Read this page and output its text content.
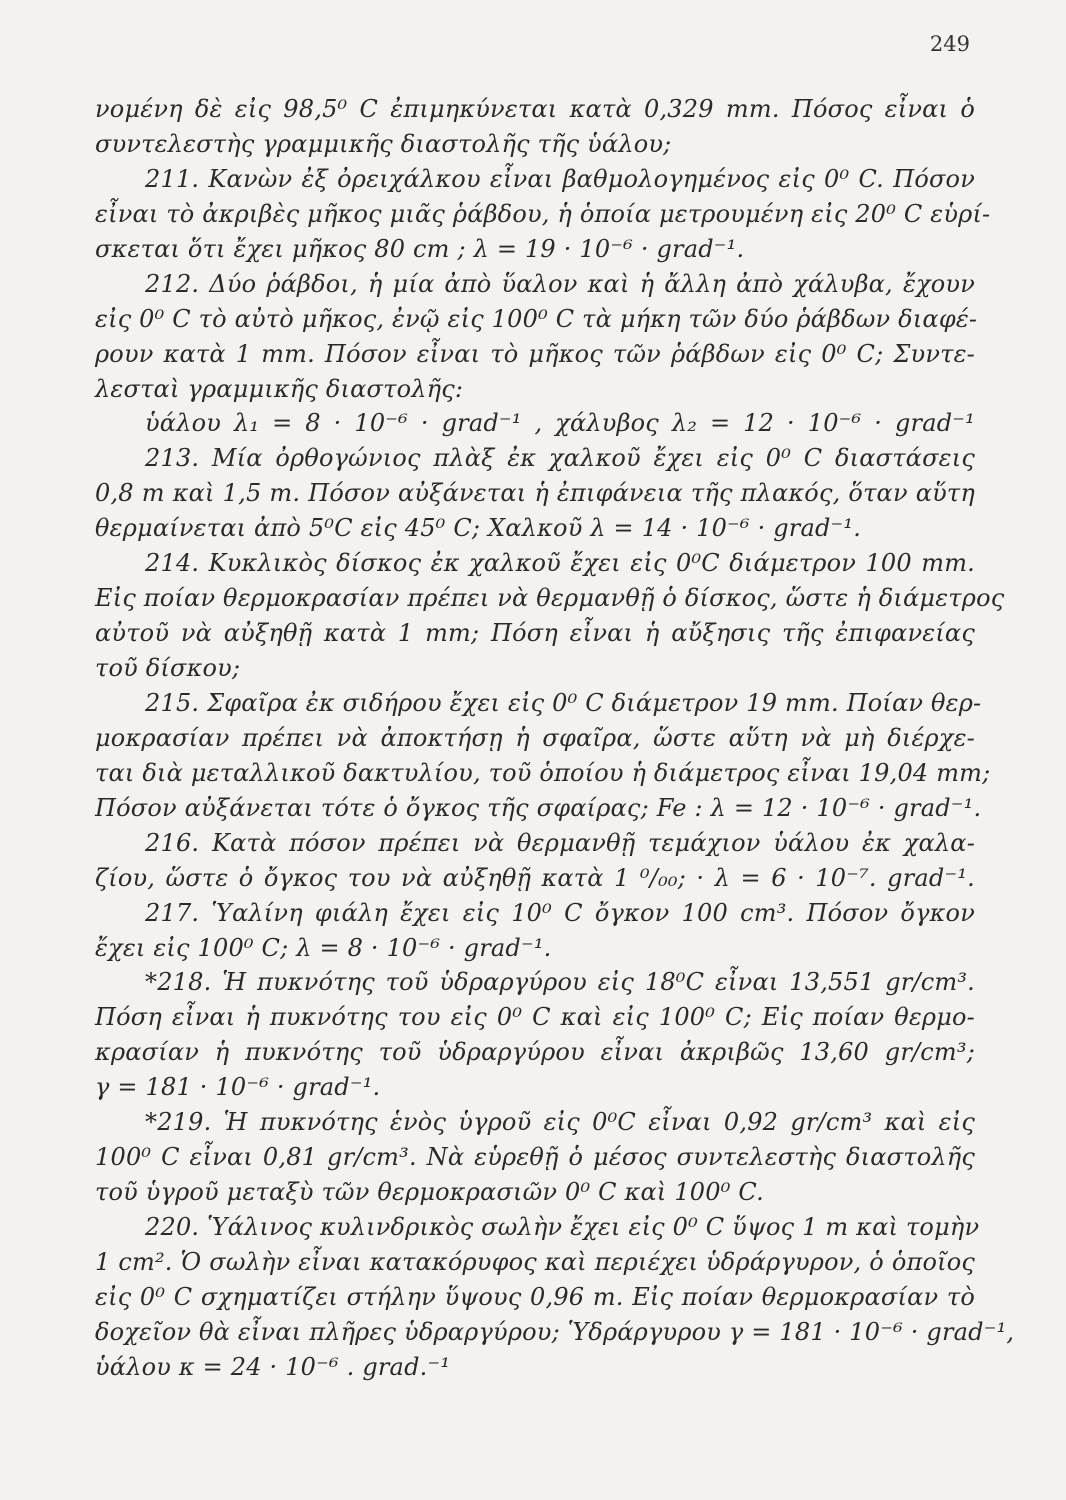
249
νομένη δὲ εἰς 98,5⁰ C ἐπιμηκύνεται κατὰ 0,329 mm. Πόσος εἶναι ὁ
συντελεστὴς γραμμικῆς διαστολῆς τῆς ὑάλου;
211. Κανὼν ἐξ ὀρειχάλκου εἶναι βαθμολογημένος εἰς 0⁰ C. Πόσον
εἶναι τὸ ἀκριβὲς μῆκος μιᾶς ῥάβδου, ἡ ὁποία μετρουμένη εἰς 20⁰ C εὑρί-
σκεται ὅτι ἔχει μῆκος 80 cm ; λ = 19 · 10⁻⁶ · grad⁻¹.
212. Δύο ῥάβδοι, ἡ μία ἀπὸ ὕαλον καὶ ἡ ἄλλη ἀπὸ χάλυβα, ἔχουν
εἰς 0⁰ C τὸ αὐτὸ μῆκος, ἐνῷ εἰς 100⁰ C τὰ μήκη τῶν δύο ῥάβδων διαφέ-
ρουν κατὰ 1 mm. Πόσον εἶναι τὸ μῆκος τῶν ῥάβδων εἰς 0⁰ C; Συντε-
λεσταὶ γραμμικῆς διαστολῆς:
ὑάλου λ₁ = 8 · 10⁻⁶ · grad⁻¹ , χάλυβος λ₂ = 12 · 10⁻⁶ · grad⁻¹
213. Μία ὀρθογώνιος πλὰξ ἐκ χαλκοῦ ἔχει εἰς 0⁰ C διαστάσεις
0,8 m καὶ 1,5 m. Πόσον αὐξάνεται ἡ ἐπιφάνεια τῆς πλακός, ὅταν αὕτη
θερμαίνεται ἀπὸ 5⁰C εἰς 45⁰ C; Χαλκοῦ λ = 14 · 10⁻⁶ · grad⁻¹.
214. Κυκλικὸς δίσκος ἐκ χαλκοῦ ἔχει εἰς 0⁰C διάμετρον 100 mm.
Εἰς ποίαν θερμοκρασίαν πρέπει νὰ θερμανθῇ ὁ δίσκος, ὥστε ἡ διάμετρος
αὐτοῦ νὰ αὐξηθῇ κατὰ 1 mm; Πόση εἶναι ἡ αὔξησις τῆς ἐπιφανείας
τοῦ δίσκου;
215. Σφαῖρα ἐκ σιδήρου ἔχει εἰς 0⁰ C διάμετρον 19 mm. Ποίαν θερ-
μοκρασίαν πρέπει νὰ ἀποκτήσῃ ἡ σφαῖρα, ὥστε αὕτη νὰ μὴ διέρχε-
ται διὰ μεταλλικοῦ δακτυλίου, τοῦ ὁποίου ἡ διάμετρος εἶναι 19,04 mm;
Πόσον αὐξάνεται τότε ὁ ὄγκος τῆς σφαίρας; Fe : λ = 12 · 10⁻⁶ · grad⁻¹.
216. Κατὰ πόσον πρέπει νὰ θερμανθῇ τεμάχιον ὑάλου ἐκ χαλα-
ζίου, ὥστε ὁ ὄγκος του νὰ αὐξηθῇ κατὰ 1 ⁰/₀₀; · λ = 6 · 10⁻⁷. grad⁻¹.
217. Ὑαλίνη φιάλη ἔχει εἰς 10⁰ C ὄγκον 100 cm³. Πόσον ὄγκον
ἔχει εἰς 100⁰ C; λ = 8 · 10⁻⁶ · grad⁻¹.
*218. Ἡ πυκνότης τοῦ ὑδραργύρου εἰς 18⁰C εἶναι 13,551 gr/cm³.
Πόση εἶναι ἡ πυκνότης του εἰς 0⁰ C καὶ εἰς 100⁰ C; Εἰς ποίαν θερμο-
κρασίαν ἡ πυκνότης τοῦ ὑδραργύρου εἶναι ἀκριβῶς 13,60 gr/cm³;
γ = 181 · 10⁻⁶ · grad⁻¹.
*219. Ἡ πυκνότης ἑνὸς ὑγροῦ εἰς 0⁰C εἶναι 0,92 gr/cm³ καὶ εἰς
100⁰ C εἶναι 0,81 gr/cm³. Νὰ εὑρεθῇ ὁ μέσος συντελεστὴς διαστολῆς
τοῦ ὑγροῦ μεταξὺ τῶν θερμοκρασιῶν 0⁰ C καὶ 100⁰ C.
220. Ὑάλινος κυλινδρικὸς σωλὴν ἔχει εἰς 0⁰ C ὕψος 1 m καὶ τομὴν
1 cm². Ὁ σωλὴν εἶναι κατακόρυφος καὶ περιέχει ὑδράργυρον, ὁ ὁποῖος
εἰς 0⁰ C σχηματίζει στήλην ὕψους 0,96 m. Εἰς ποίαν θερμοκρασίαν τὸ
δοχεῖον θὰ εἶναι πλῆρες ὑδραργύρου; Ὑδράργυρου γ = 181 · 10⁻⁶ · grad⁻¹,
ὑάλου κ = 24 · 10⁻⁶ . grad.⁻¹
